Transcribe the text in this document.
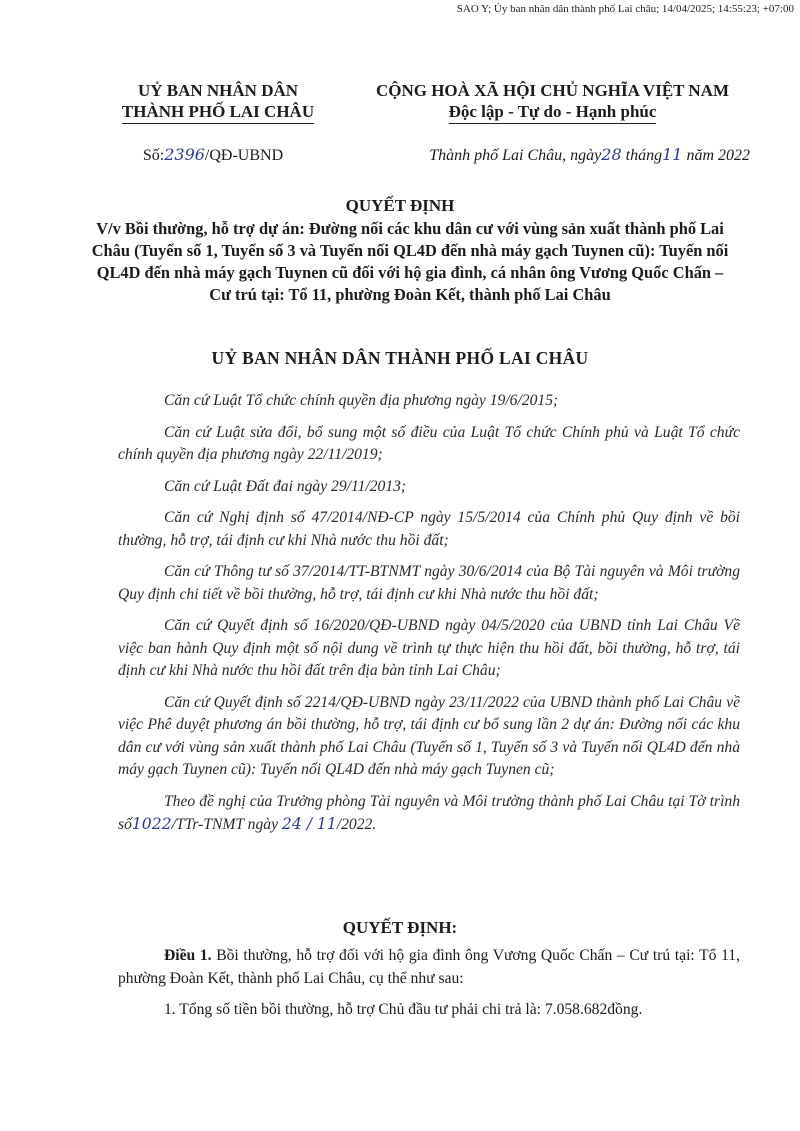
SAO Y; Ủy ban nhân dân thành phố Lai châu; 14/04/2025; 14:55:23; +07:00
UỶ BAN NHÂN DÂN
THÀNH PHỐ LAI CHÂU
CỘNG HOÀ XÃ HỘI CHỦ NGHĨA VIỆT NAM
Độc lập - Tự do - Hạnh phúc
Số:2396/QĐ-UBND	Thành phố Lai Châu, ngày28 tháng11 năm 2022
QUYẾT ĐỊNH
V/v Bồi thường, hỗ trợ dự án: Đường nối các khu dân cư với vùng sản xuất thành phố Lai Châu (Tuyến số 1, Tuyến số 3 và Tuyến nối QL4D đến nhà máy gạch Tuynen cũ): Tuyến nối QL4D đến nhà máy gạch Tuynen cũ đối với hộ gia đình, cá nhân ông Vương Quốc Chấn – Cư trú tại: Tổ 11, phường Đoàn Kết, thành phố Lai Châu
UỶ BAN NHÂN DÂN THÀNH PHỐ LAI CHÂU

Căn cứ Luật Tổ chức chính quyền địa phương ngày 19/6/2015;

Căn cứ Luật sửa đổi, bổ sung một số điều của Luật Tổ chức Chính phủ và Luật Tổ chức chính quyền địa phương ngày 22/11/2019;

Căn cứ Luật Đất đai ngày 29/11/2013;

Căn cứ Nghị định số 47/2014/NĐ-CP ngày 15/5/2014 của Chính phủ Quy định về bồi thường, hỗ trợ, tái định cư khi Nhà nước thu hồi đất;

Căn cứ Thông tư số 37/2014/TT-BTNMT ngày 30/6/2014 của Bộ Tài nguyên và Môi trường Quy định chi tiết về bồi thường, hỗ trợ, tái định cư khi Nhà nước thu hồi đất;

Căn cứ Quyết định số 16/2020/QĐ-UBND ngày 04/5/2020 của UBND tỉnh Lai Châu Về việc ban hành Quy định một số nội dung về trình tự thực hiện thu hồi đất, bồi thường, hỗ trợ, tái định cư khi Nhà nước thu hồi đất trên địa bàn tỉnh Lai Châu;

Căn cứ Quyết định số 2214/QĐ-UBND ngày 23/11/2022 của UBND thành phố Lai Châu về việc Phê duyệt phương án bồi thường, hỗ trợ, tái định cư bổ sung lần 2 dự án: Đường nối các khu dân cư với vùng sản xuất thành phố Lai Châu (Tuyến số 1, Tuyến số 3 và Tuyến nối QL4D đến nhà máy gạch Tuynen cũ): Tuyến nối QL4D đến nhà máy gạch Tuynen cũ;

Theo đề nghị của Trưởng phòng Tài nguyên và Môi trường thành phố Lai Châu tại Tờ trình số1022/TTr-TNMT ngày 24 / 11/2022.

QUYẾT ĐỊNH:

Điều 1. Bồi thường, hỗ trợ đối với hộ gia đình ông Vương Quốc Chấn – Cư trú tại: Tổ 11, phường Đoàn Kết, thành phố Lai Châu, cụ thể như sau:

1. Tổng số tiền bồi thường, hỗ trợ Chủ đầu tư phải chi trả là: 7.058.682đồng.
